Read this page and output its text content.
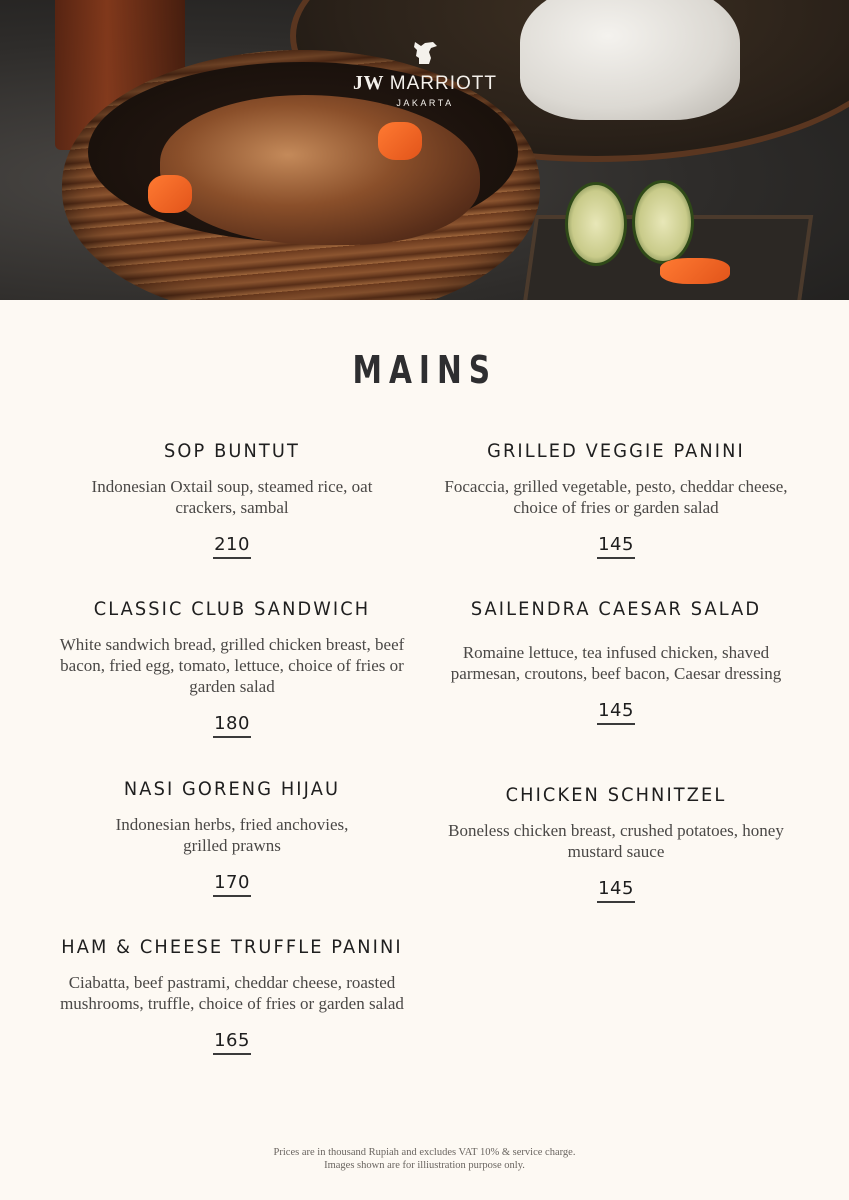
JW MARRIOTT
JAKARTA
MAINS
SOP BUNTUT
Indonesian Oxtail soup, steamed rice, oat crackers, sambal
210
CLASSIC CLUB SANDWICH
White sandwich bread, grilled chicken breast, beef bacon, fried egg, tomato, lettuce, choice of fries or garden salad
180
NASI GORENG HIJAU
Indonesian herbs, fried anchovies, grilled prawns
170
HAM & CHEESE TRUFFLE PANINI
Ciabatta, beef pastrami, cheddar cheese, roasted mushrooms, truffle, choice of fries or garden salad
165
GRILLED VEGGIE PANINI
Focaccia, grilled vegetable, pesto, cheddar cheese, choice of fries or garden salad
145
SAILENDRA CAESAR SALAD
Romaine lettuce, tea infused chicken, shaved parmesan, croutons, beef bacon, Caesar dressing
145
CHICKEN SCHNITZEL
Boneless chicken breast, crushed potatoes, honey mustard sauce
145
Prices are in thousand Rupiah and excludes VAT 10% & service charge.
Images shown are for illiustration purpose only.
